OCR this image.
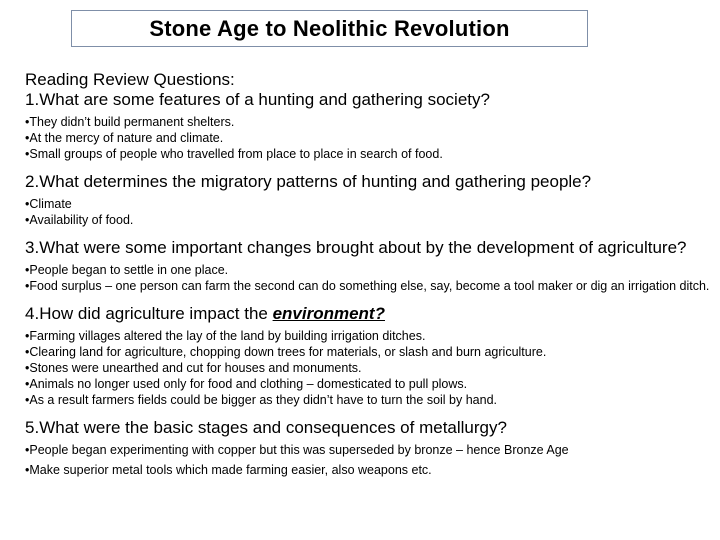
Stone Age to Neolithic Revolution
Reading Review Questions:
1.What are some features of a hunting and gathering society?
•They didn’t build permanent shelters.
•At the mercy of nature and climate.
•Small groups of people who travelled from place to place in search of food.
2.What determines the migratory patterns of hunting and gathering people?
•Climate
•Availability of food.
3.What were some important changes brought about by the development of agriculture?
•People began to settle in one place.
•Food surplus – one person can farm the second can do something else, say, become a tool maker or dig an irrigation ditch.
4.How did agriculture impact the environment?
•Farming villages altered the lay of the land by building irrigation ditches.
•Clearing land for agriculture, chopping down trees for materials, or slash and burn agriculture.
•Stones were unearthed and cut for houses and monuments.
•Animals no longer used only for food and clothing – domesticated to pull plows.
•As a result farmers fields could be bigger as they didn’t have to turn the soil by hand.
5.What were the basic stages and consequences of metallurgy?
•People began experimenting with copper but this was superseded by bronze – hence Bronze Age
•Make superior metal tools which made farming easier, also weapons etc.
